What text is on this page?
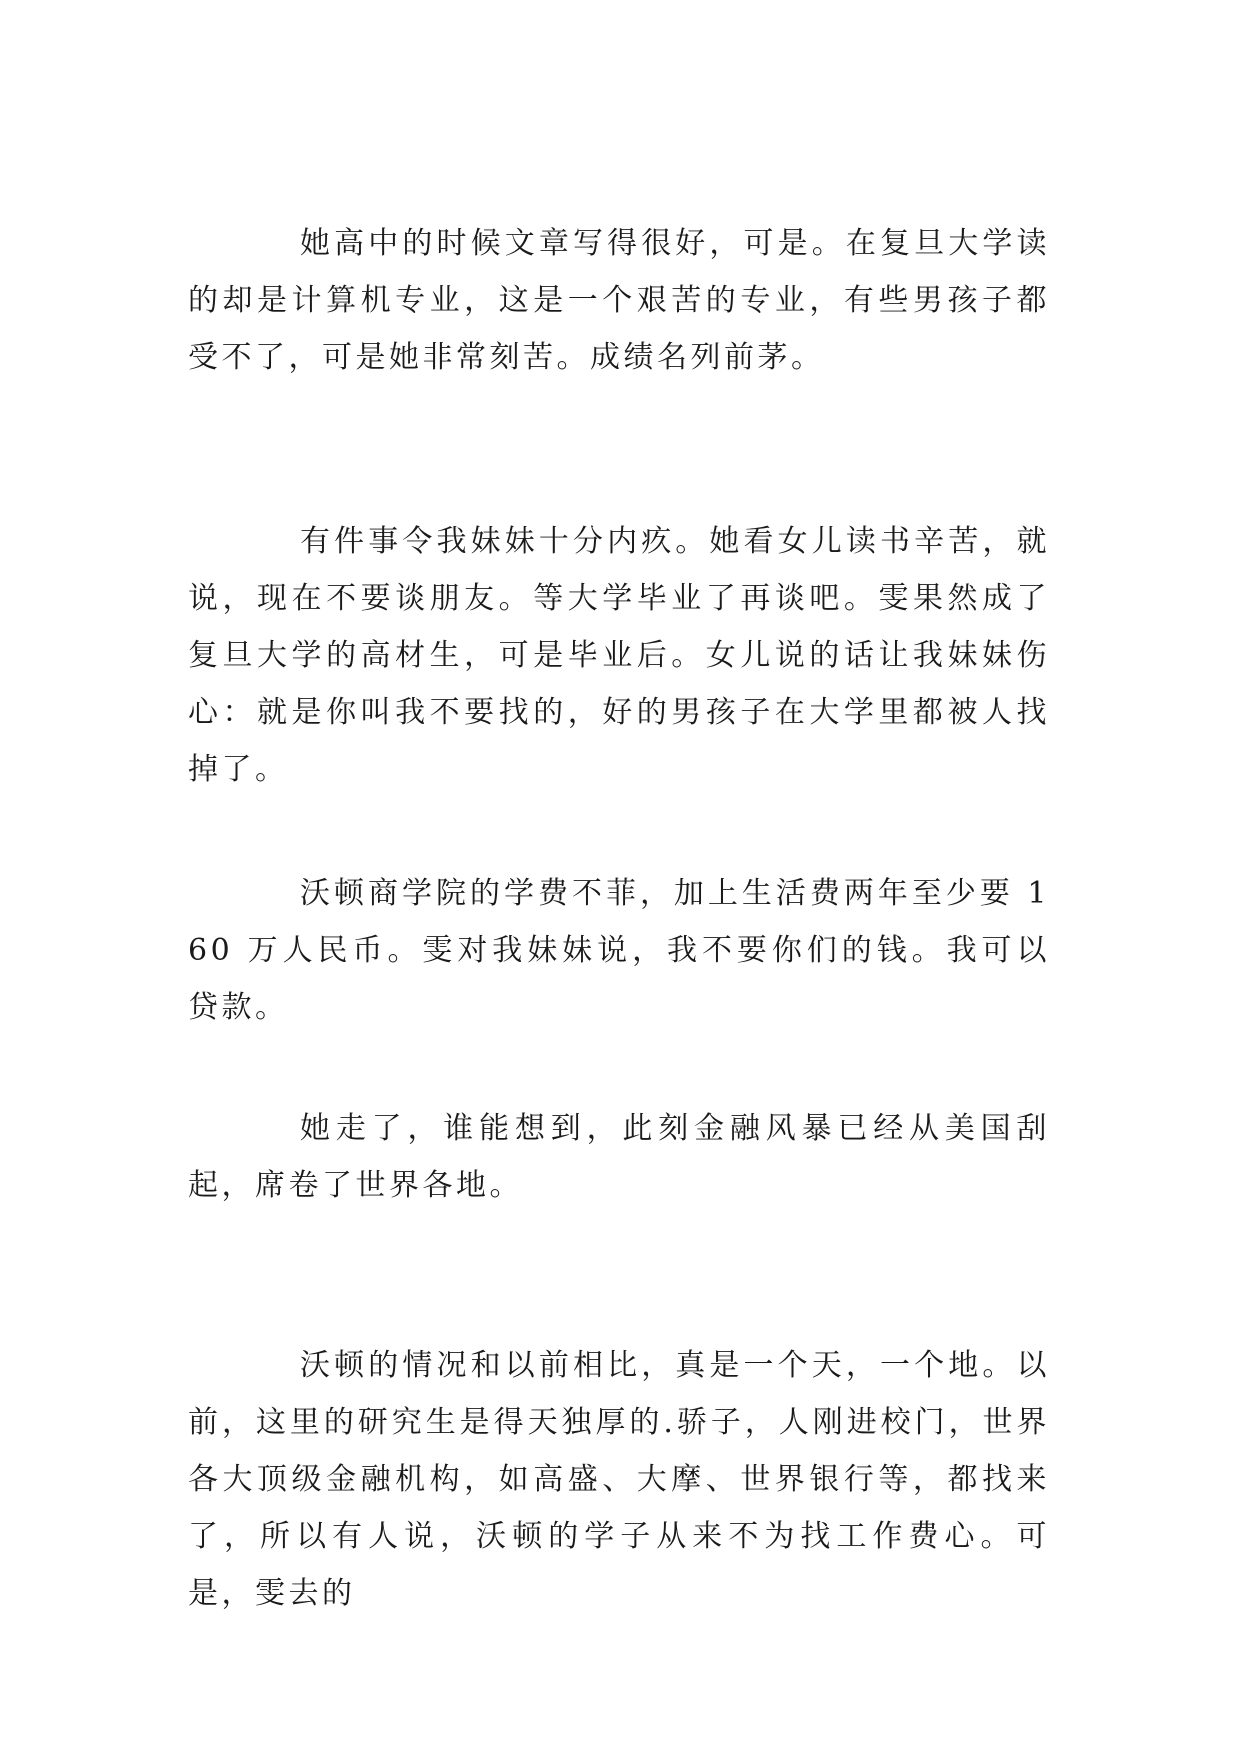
她高中的时候文章写得很好，可是。在复旦大学读的却是计算机专业，这是一个艰苦的专业，有些男孩子都受不了，可是她非常刻苦。成绩名列前茅。

有件事令我妹妹十分内疚。她看女儿读书辛苦，就说，现在不要谈朋友。等大学毕业了再谈吧。雯果然成了复旦大学的高材生，可是毕业后。女儿说的话让我妹妹伤心：就是你叫我不要找的，好的男孩子在大学里都被人找掉了。

沃顿商学院的学费不菲，加上生活费两年至少要 160 万人民币。雯对我妹妹说，我不要你们的钱。我可以贷款。

她走了，谁能想到，此刻金融风暴已经从美国刮起，席卷了世界各地。

沃顿的情况和以前相比，真是一个天，一个地。以前，这里的研究生是得天独厚的.骄子，人刚进校门，世界各大顶级金融机构，如高盛、大摩、世界银行等，都找来了，所以有人说，沃顿的学子从来不为找工作费心。可是，雯去的
